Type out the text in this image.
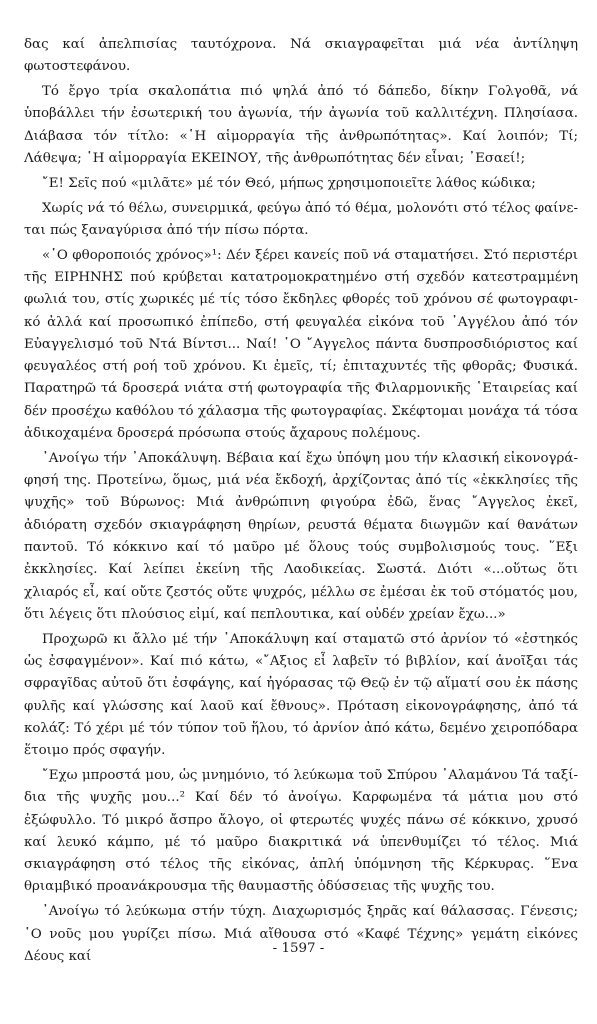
δας καί ἀπελπισίας ταυτόχρονα. Νά σκιαγραφεῖται μιά νέα ἀντίληψη φωτοστεφάνου.

Τό ἔργο τρία σκαλοπάτια πιό ψηλά ἀπό τό δάπεδο, δίκην Γολγοθᾶ, νά ὑποβάλλει τήν ἐσωτερική του ἀγωνία, τήν ἀγωνία τοῦ καλλιτέχνη. Πλησίασα. Διάβασα τόν τίτλο: «῾Η αἱμορραγία τῆς ἀνθρωπότητας». Καί λοιπόν; Τί; Λάθεψα; ῾Η αἱμορραγία ΕΚΕΙΝΟΥ, τῆς ἀνθρωπότητας δέν εἶναι; ᾿Εσαεί!;

῎Ε! Σεῖς πού «μιλᾶτε» μέ τόν Θεό, μήπως χρησιμοποιεῖτε λάθος κώδικα;

Χωρίς νά τό θέλω, συνειρμικά, φεύγω ἀπό τό θέμα, μολονότι στό τέλος φαίνεται πώς ξαναγύρισα ἀπό τήν πίσω πόρτα.

«῾Ο φθοροποιός χρόνος»¹: Δέν ξέρει κανείς ποῦ νά σταματήσει. Στό περιστέρι τῆς ΕΙΡΗΝΗΣ πού κρύβεται κατατρομοκρατημένο στή σχεδόν κατεστραμμένη φωλιά του, στίς χωρικές μέ τίς τόσο ἔκδηλες φθορές τοῦ χρόνου σέ φωτογραφικό ἀλλά καί προσωπικό ἐπίπεδο, στή φευγαλέα εἰκόνα τοῦ ᾿Αγγέλου ἀπό τόν Εὐαγγελισμό τοῦ Ντά Βίντσι... Ναί! ῾Ο ῎Αγγελος πάντα δυσπροσδιόριστος καί φευγαλέος στή ροή τοῦ χρόνου. Κι ἐμεῖς, τί; ἐπιταχυντές τῆς φθορᾶς; Φυσικά. Παρατηρῶ τά δροσερά νιάτα στή φωτογραφία τῆς Φιλαρμονικῆς ῾Εταιρείας καί δέν προσέχω καθόλου τό χάλασμα τῆς φωτογραφίας. Σκέφτομαι μονάχα τά τόσα ἀδικοχαμένα δροσερά πρόσωπα στούς ἄχαρους πολέμους.

᾿Ανοίγω τήν ᾿Αποκάλυψη. Βέβαια καί ἔχω ὑπόψη μου τήν κλασική εἰκονογράφησή της. Προτείνω, ὅμως, μιά νέα ἔκδοχή, ἀρχίζοντας ἀπό τίς «ἐκκλησίες τῆς ψυχῆς» τοῦ Βύρωνος: Μιά ἀνθρώπινη φιγούρα ἐδῶ, ἕνας ῎Αγγελος ἐκεῖ, ἀδιόρατη σχεδόν σκιαγράφηση θηρίων, ρευστά θέματα διωγμῶν καί θανάτων παντοῦ. Τό κόκκινο καί τό μαῦρο μέ ὅλους τούς συμβολισμούς τους. ῞Εξι ἐκκλησίες. Καί λείπει ἐκείνη τῆς Λαοδικείας. Σωστά. Διότι «...οὕτως ὅτι χλιαρός εἶ, καί οὔτε ζεστός οὔτε ψυχρός, μέλλω σε ἐμέσαι ἐκ τοῦ στόματός μου, ὅτι λέγεις ὅτι πλούσιος εἰμί, καί πεπλουτικα, καί οὐδέν χρείαν ἔχω...»

Προχωρῶ κι ἄλλο μέ τήν ᾿Αποκάλυψη καί σταματῶ στό ἀρνίον τό «ἐστηκός ὡς ἐσφαγμένον». Καί πιό κάτω, «῎Αξιος εἶ λαβεῖν τό βιβλίον, καί ἀνοῖξαι τάς σφραγῖδας αὐτοῦ ὅτι ἐσφάγης, καί ἠγόρασας τῷ Θεῷ ἐν τῷ αἵματί σου ἐκ πάσης φυλῆς καί γλώσσης καί λαοῦ καί ἔθνους». Πρόταση εἰκονογράφησης, ἀπό τά κολάζ: Τό χέρι μέ τόν τύπον τοῦ ἥλου, τό ἀρνίον ἀπό κάτω, δεμένο χειροπόδαρα ἕτοιμο πρός σφαγήν.

῎Εχω μπροστά μου, ὡς μνημόνιο, τό λεύκωμα τοῦ Σπύρου ᾿Αλαμάνου Τά ταξίδια τῆς ψυχῆς μου...² Καί δέν τό ἀνοίγω. Καρφωμένα τά μάτια μου στό ἐξώφυλλο. Τό μικρό ἄσπρο ἄλογο, οἱ φτερωτές ψυχές πάνω σέ κόκκινο, χρυσό καί λευκό κάμπο, μέ τό μαῦρο διακριτικά νά ὑπενθυμίζει τό τέλος. Μιά σκιαγράφηση στό τέλος τῆς εἰκόνας, ἁπλή ὑπόμνηση τῆς Κέρκυρας. ῞Ενα θριαμβικό προανάκρουσμα τῆς θαυμαστῆς ὁδύσσειας τῆς ψυχῆς του.

᾿Ανοίγω τό λεύκωμα στήν τύχη. Διαχωρισμός ξηρᾶς καί θάλασσας. Γένεσις; ῾Ο νοῦς μου γυρίζει πίσω. Μιά αἴθουσα στό «Καφέ Τέχνης» γεμάτη εἰκόνες Δέους καί

- 1597 -
